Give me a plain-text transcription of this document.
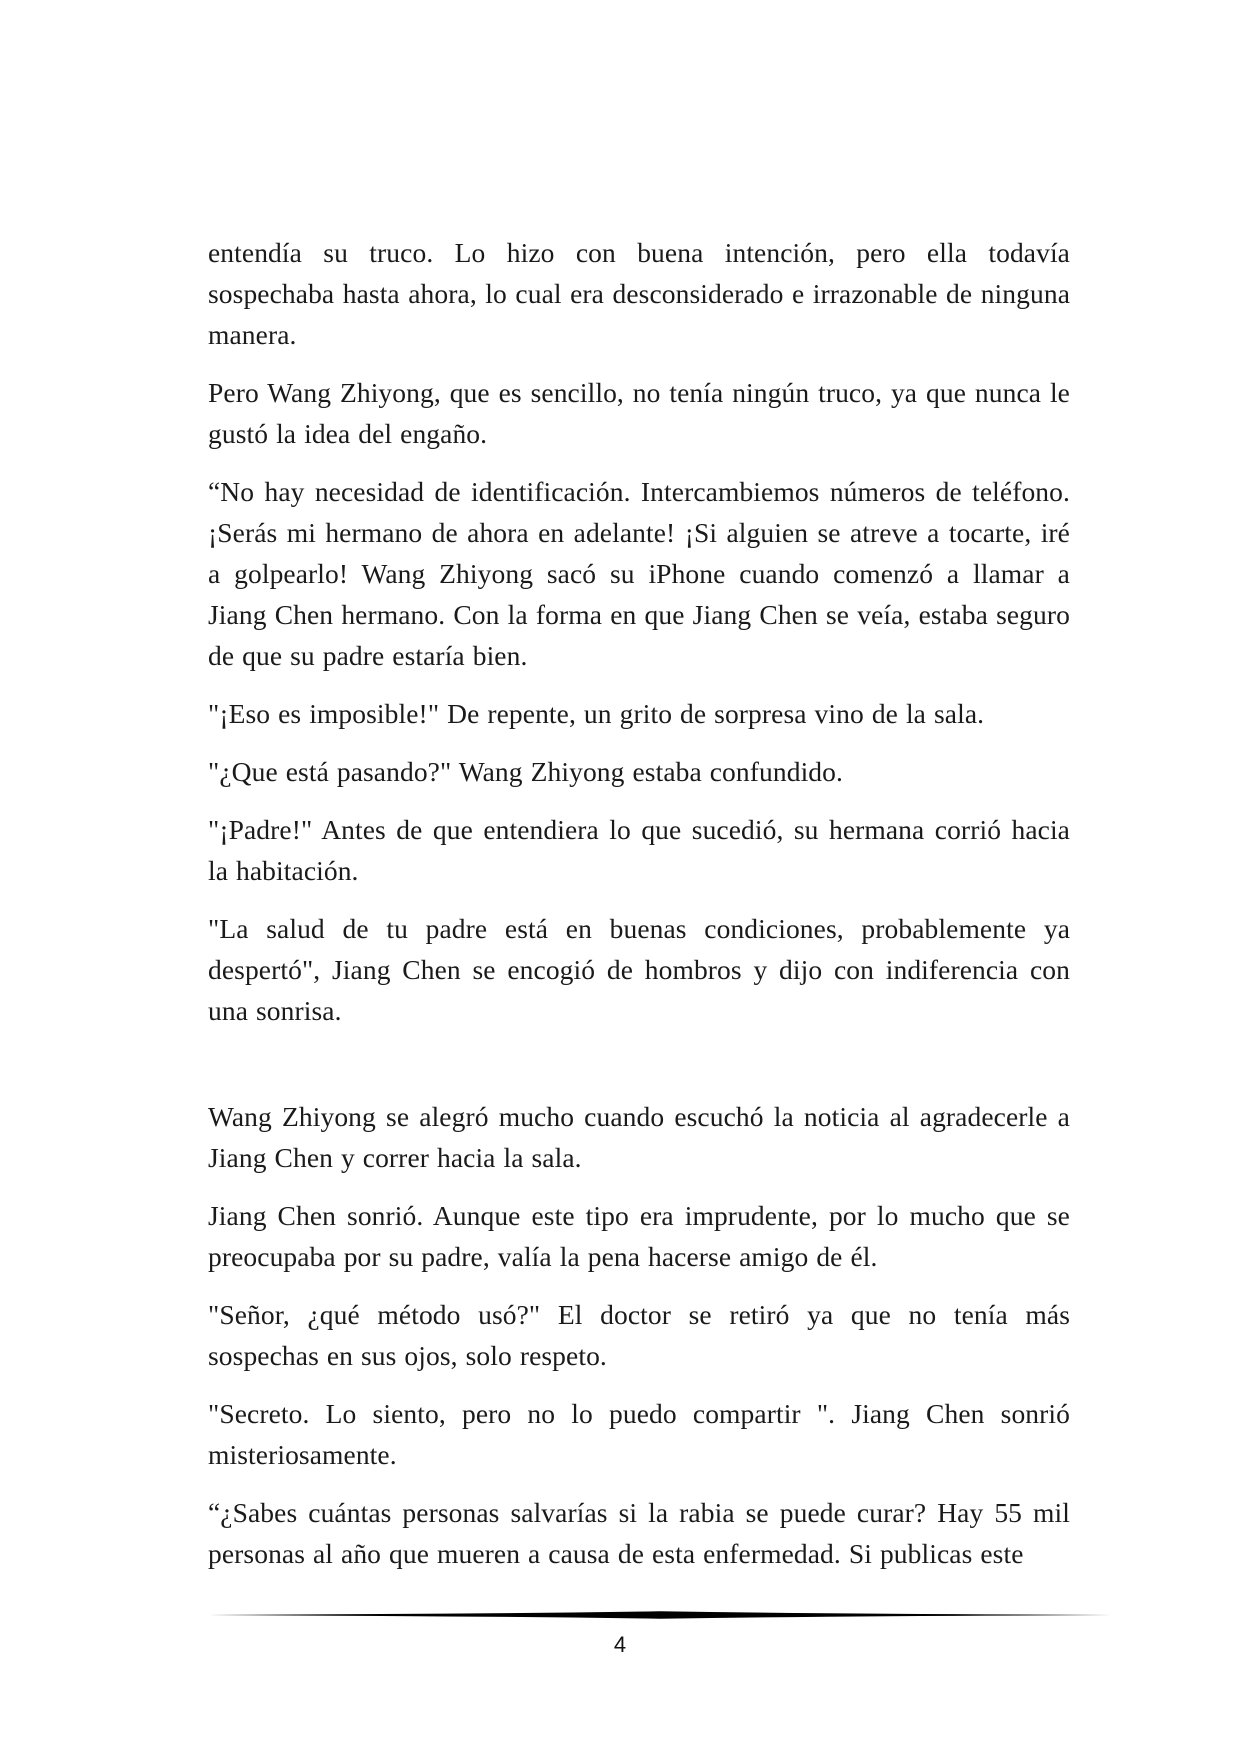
entendía su truco. Lo hizo con buena intención, pero ella todavía sospechaba hasta ahora, lo cual era desconsiderado e irrazonable de ninguna manera.

Pero Wang Zhiyong, que es sencillo, no tenía ningún truco, ya que nunca le gustó la idea del engaño.

“No hay necesidad de identificación. Intercambiemos números de teléfono. ¡Serás mi hermano de ahora en adelante! ¡Si alguien se atreve a tocarte, iré a golpearlo! Wang Zhiyong sacó su iPhone cuando comenzó a llamar a Jiang Chen hermano. Con la forma en que Jiang Chen se veía, estaba seguro de que su padre estaría bien.

"¡Eso es imposible!" De repente, un grito de sorpresa vino de la sala.

"¿Que está pasando?" Wang Zhiyong estaba confundido.

"¡Padre!" Antes de que entendiera lo que sucedió, su hermana corrió hacia la habitación.

"La salud de tu padre está en buenas condiciones, probablemente ya despertó", Jiang Chen se encogió de hombros y dijo con indiferencia con una sonrisa.

Wang Zhiyong se alegró mucho cuando escuchó la noticia al agradecerle a Jiang Chen y correr hacia la sala.

Jiang Chen sonrió. Aunque este tipo era imprudente, por lo mucho que se preocupaba por su padre, valía la pena hacerse amigo de él.

"Señor, ¿qué método usó?" El doctor se retiró ya que no tenía más sospechas en sus ojos, solo respeto.

"Secreto. Lo siento, pero no lo puedo compartir ". Jiang Chen sonrió misteriosamente.

“¿Sabes cuántas personas salvarías si la rabia se puede curar? Hay 55 mil personas al año que mueren a causa de esta enfermedad. Si publicas este

4
